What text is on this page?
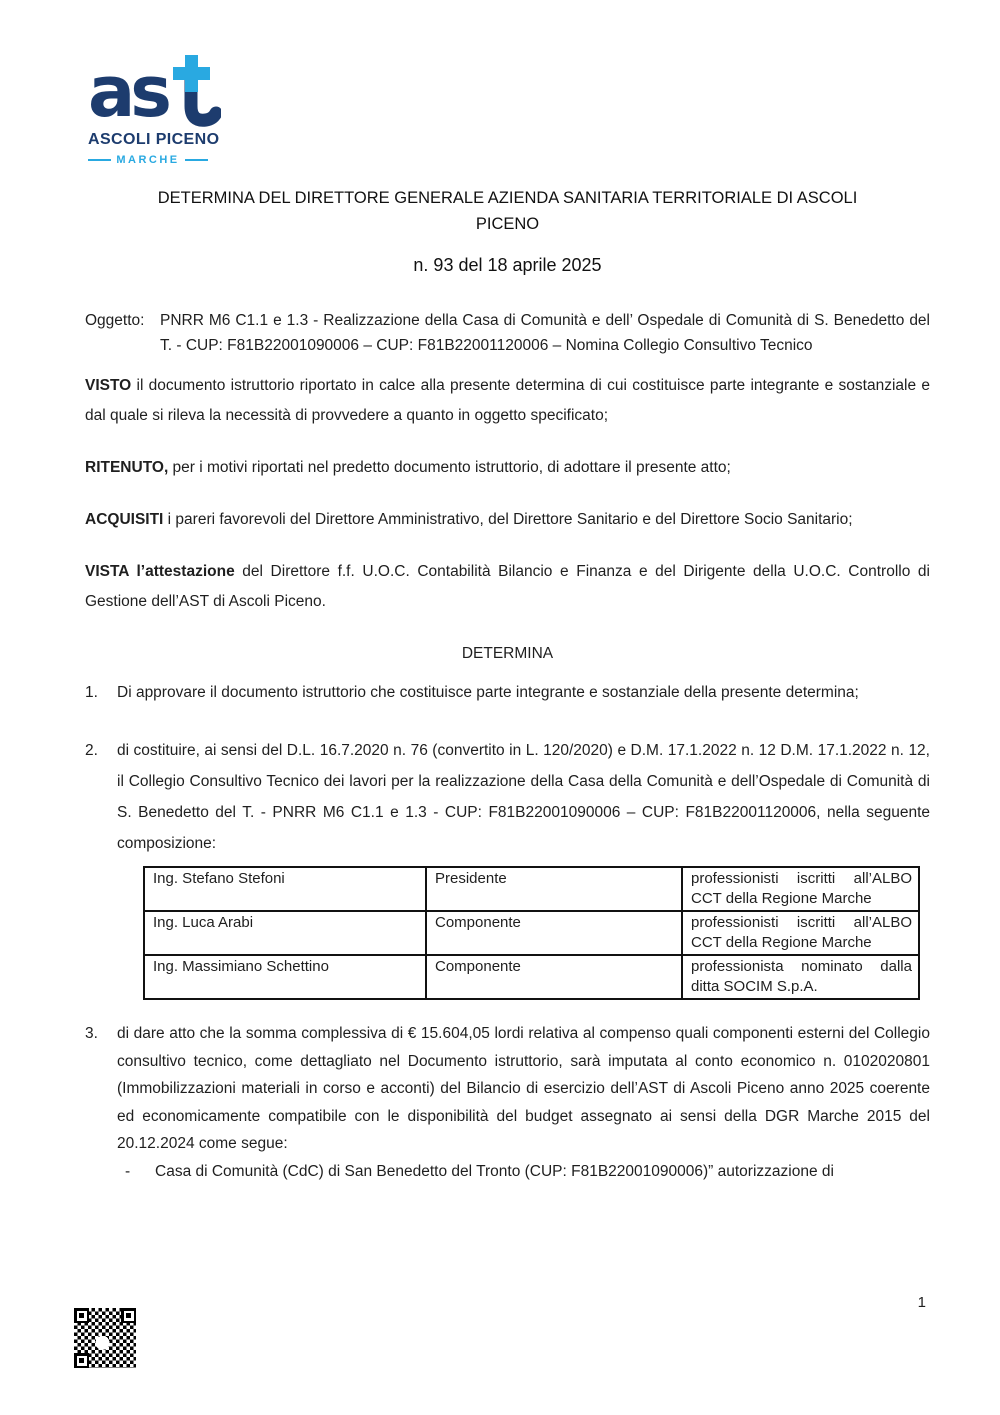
as
ASCOLI PICENO
MARCHE
DETERMINA DEL DIRETTORE GENERALE AZIENDA SANITARIA TERRITORIALE DI ASCOLI
PICENO
n. 93 del 18 aprile 2025
Oggetto: PNRR M6 C1.1 e 1.3 - Realizzazione della Casa di Comunità e dell’ Ospedale di Comunità di S. Benedetto del T. - CUP: F81B22001090006 – CUP: F81B22001120006 – Nomina Collegio Consultivo Tecnico

VISTO il documento istruttorio riportato in calce alla presente determina di cui costituisce parte integrante e sostanziale e dal quale si rileva la necessità di provvedere a quanto in oggetto specificato;

RITENUTO, per i motivi riportati nel predetto documento istruttorio, di adottare il presente atto;

ACQUISITI i pareri favorevoli del Direttore Amministrativo, del Direttore Sanitario e del Direttore Socio Sanitario;

VISTA l’attestazione del Direttore f.f. U.O.C. Contabilità Bilancio e Finanza e del Dirigente della U.O.C. Controllo di Gestione dell’AST di Ascoli Piceno.

DETERMINA
1. Di approvare il documento istruttorio che costituisce parte integrante e sostanziale della presente determina;
2. di costituire, ai sensi del D.L. 16.7.2020 n. 76 (convertito in L. 120/2020) e D.M. 17.1.2022 n. 12 D.M. 17.1.2022 n. 12, il Collegio Consultivo Tecnico dei lavori per la realizzazione della Casa della Comunità e dell’Ospedale di Comunità di S. Benedetto del T. - PNRR M6 C1.1 e 1.3 - CUP: F81B22001090006 – CUP: F81B22001120006, nella seguente composizione:
Ing. Stefano Stefoni	Presidente	professionisti iscritti all’ALBO CCT della Regione Marche
Ing. Luca Arabi	Componente	professionisti iscritti all’ALBO CCT della Regione Marche
Ing. Massimiano Schettino	Componente	professionista nominato dalla ditta SOCIM S.p.A.
3. di dare atto che la somma complessiva di € 15.604,05 lordi relativa al compenso quali componenti esterni del Collegio consultivo tecnico, come dettagliato nel Documento istruttorio, sarà imputata al conto economico n. 0102020801 (Immobilizzazioni materiali in corso e acconti) del Bilancio di esercizio dell’AST di Ascoli Piceno anno 2025 coerente ed economicamente compatibile con le disponibilità del budget assegnato ai sensi della DGR Marche 2015 del 20.12.2024 come segue:
- Casa di Comunità (CdC) di San Benedetto del Tronto (CUP: F81B22001090006)” autorizzazione di
1
